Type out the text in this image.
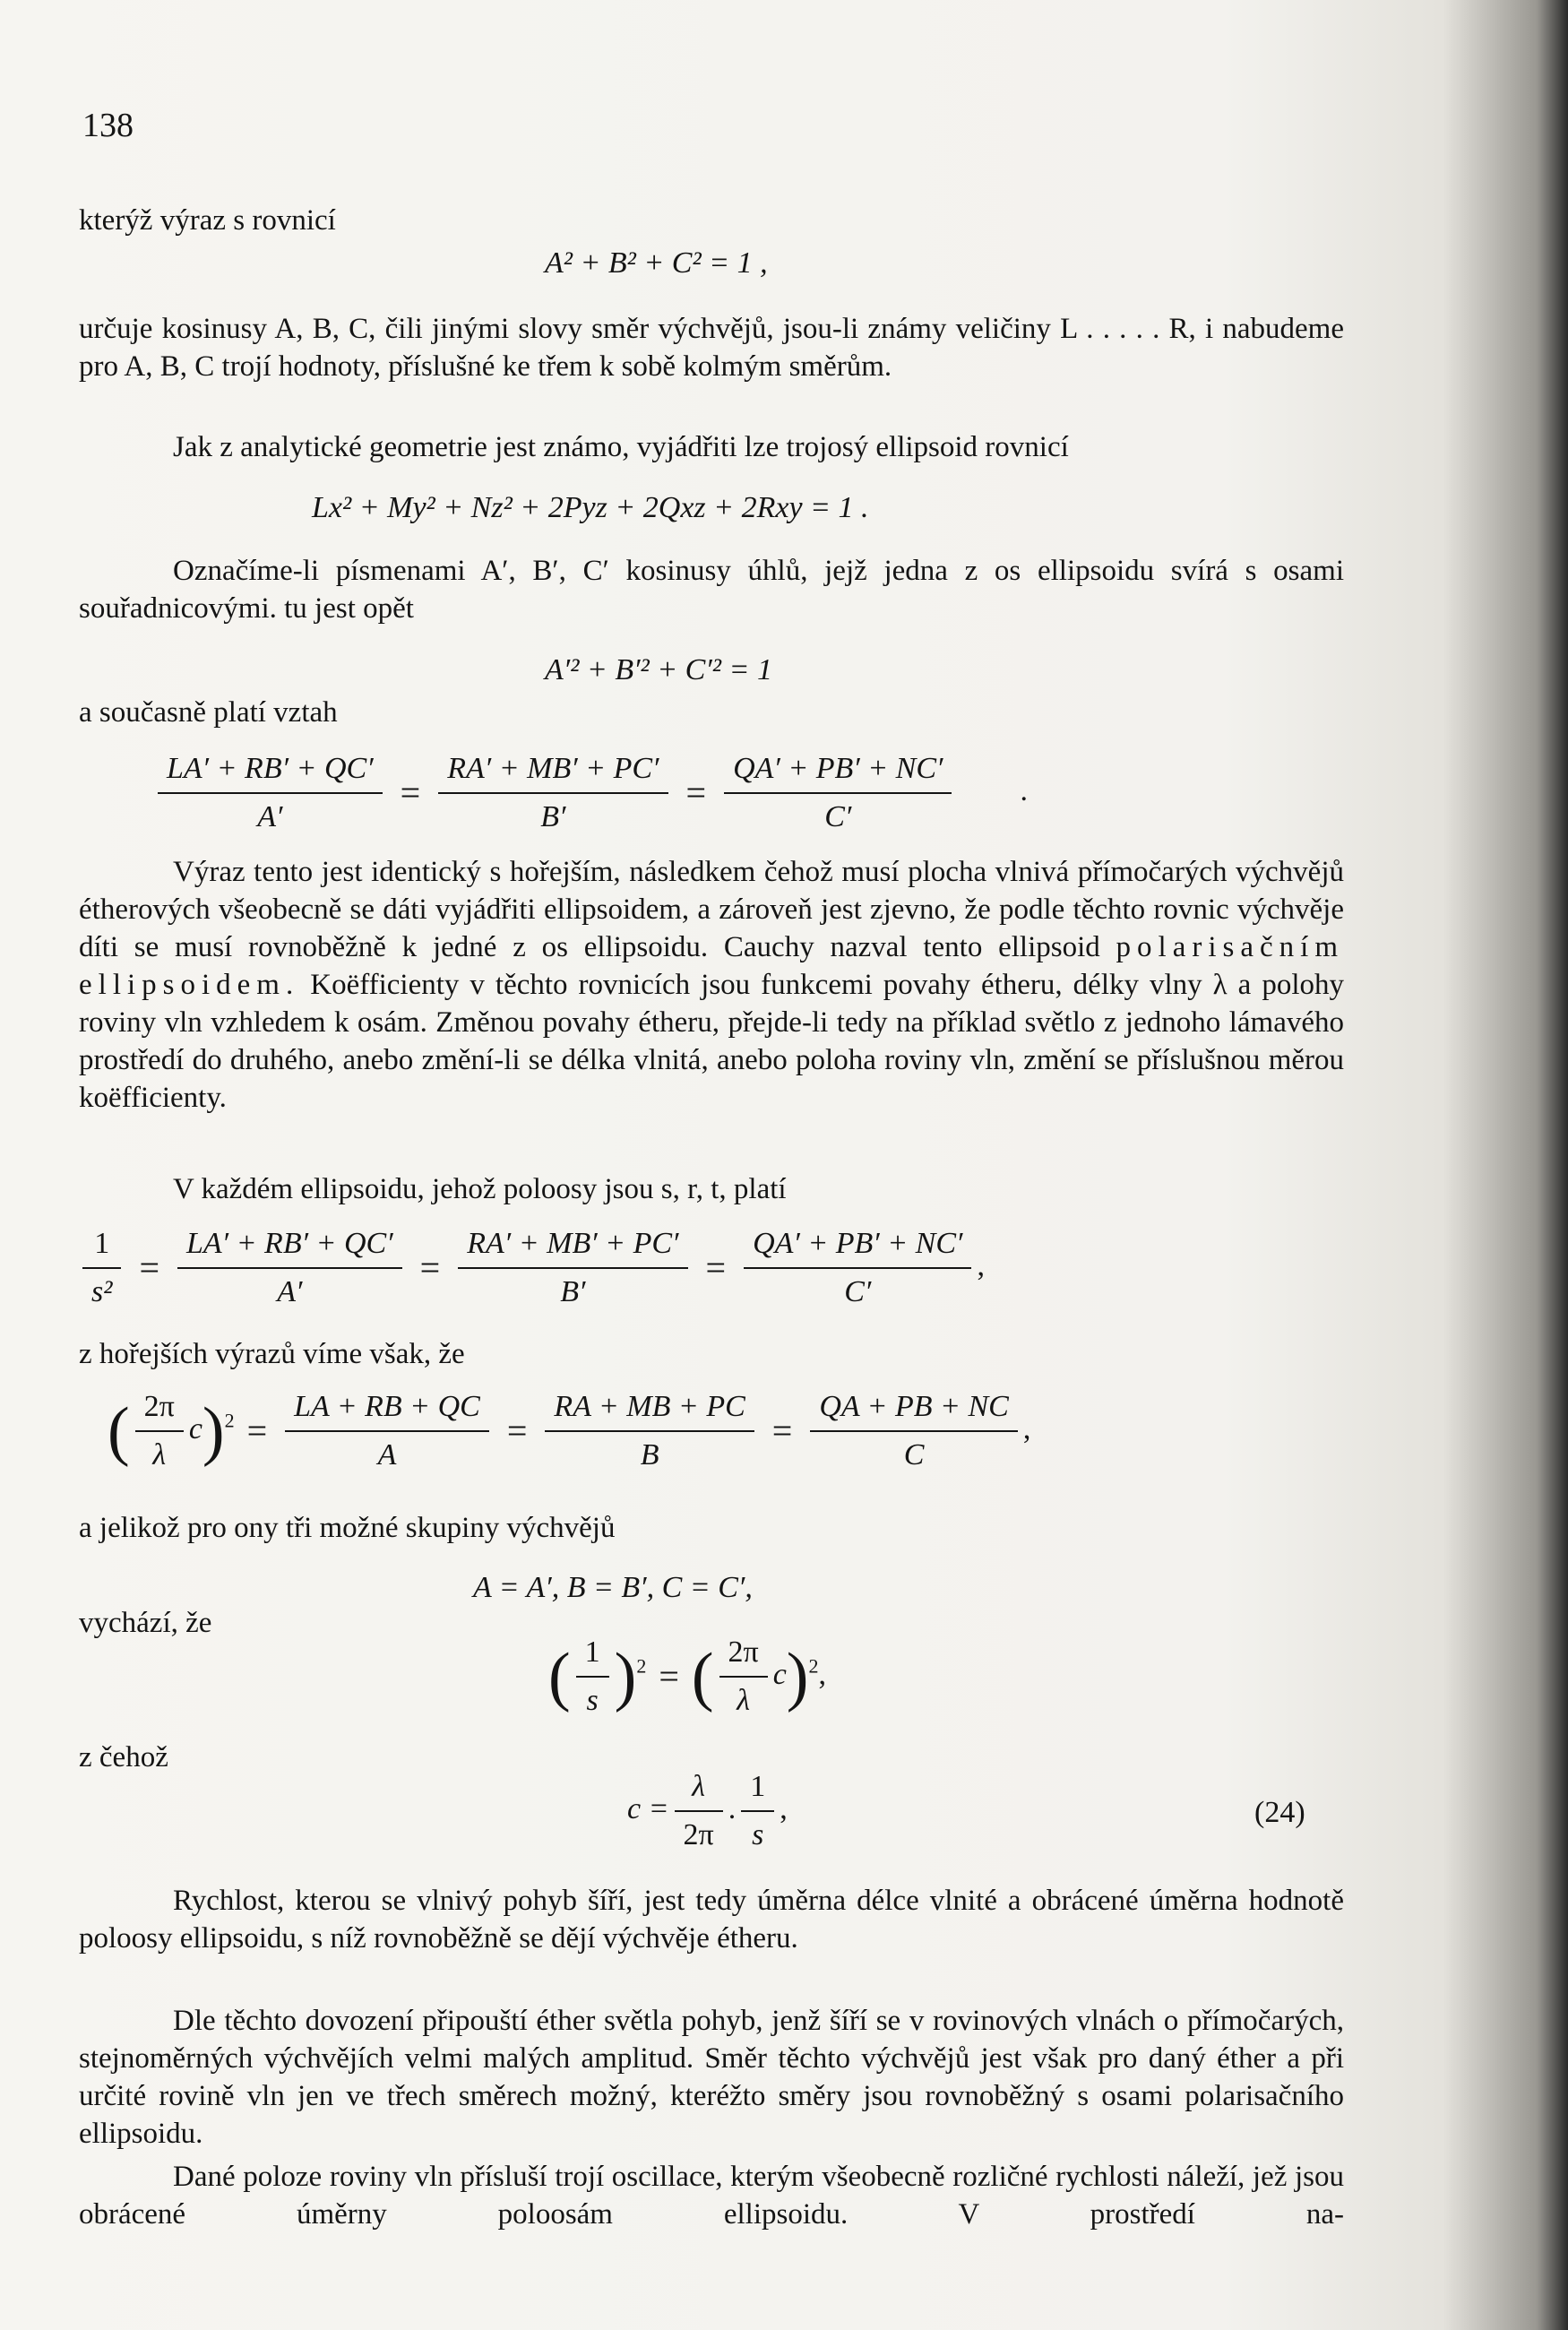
138
kterýž výraz s rovnicí
A² + B² + C² = 1 ,
určuje kosinusy A, B, C, čili jinými slovy směr výchvějů, jsou-li známy veličiny L . . . . . R, i nabudeme pro A, B, C trojí hodnoty, příslušné ke třem k sobě kolmým směrům.
Jak z analytické geometrie jest známo, vyjádřiti lze trojosý ellipsoid rovnicí
Lx² + My² + Nz² + 2Pyz + 2Qxz + 2Rxy = 1 .
Označíme-li písmenami A′, B′, C′ kosinusy úhlů, jejž jedna z os ellipsoidu svírá s osami souřadnicovými. tu jest opět
A′² + B′² + C′² = 1
a současně platí vztah
$\frac{LA' + RB' + QC'}{A'} = \frac{RA' + MB' + PC'}{B'} = \frac{QA' + PB' + NC'}{C'}$ .
Výraz tento jest identický s hořejším, následkem čehož musí plocha vlnivá přímočarých výchvějů étherových všeobecně se dáti vyjádřiti ellipsoidem, a zároveň jest zjevno, že podle těchto rovnic výchvěje díti se musí rovnoběžně k jedné z os ellipsoidu. Cauchy nazval tento ellipsoid polarisačním ellipsoidem. Koëfficienty v těchto rovnicích jsou funkcemi povahy étheru, délky vlny λ a polohy roviny vln vzhledem k osám. Změnou povahy étheru, přejde-li tedy na příklad světlo z jednoho lámavého prostředí do druhého, anebo změní-li se délka vlnitá, anebo poloha roviny vln, změní se příslušnou měrou koëfficienty.
V každém ellipsoidu, jehož poloosy jsou s, r, t, platí
$\frac{1}{\text{s²}} = \frac{LA' + RB' + QC'}{A'} = \frac{RA' + MB' + PC'}{B'} = \frac{QA' + PB' + NC'}{C'}$ ,
z hořejších výrazů víme však, že
( $\frac{2\pi}{\lambda} c)^2 = \frac{LA + RB + QC}{A} = \frac{RA + MB + PC}{B} = \frac{QA + PB + NC}{C}$ ,
a jelikož pro ony tři možné skupiny výchvějů
A = A′, B = B′, C = C′,
vychází, že
( $\frac{1}{s} )^2$ = ( $\frac{2\pi}{\lambda} c)^2$,
z čehož
$c = \frac{\lambda}{2\pi}$ . $\frac{1}{s}$ ,	(24)
Rychlost, kterou se vlnivý pohyb šíří, jest tedy úměrna délce vlnité a obrácené úměrna hodnotě poloosy ellipsoidu, s níž rovnoběžně se dějí výchvěje étheru.
Dle těchto dovození připouští éther světla pohyb, jenž šíří se v rovinových vlnách o přímočarých, stejnoměrných výchvějích velmi malých amplitud. Směr těchto výchvějů jest však pro daný éther a při určité rovině vln jen ve třech směrech možný, kteréžto směry jsou rovnoběžný s osami polarisačního ellipsoidu.
Dané poloze roviny vln přísluší trojí oscillace, kterým všeobecně rozličné rychlosti náleží, jež jsou obrácené úměrny poloosám ellipsoidu. V prostředí na-
